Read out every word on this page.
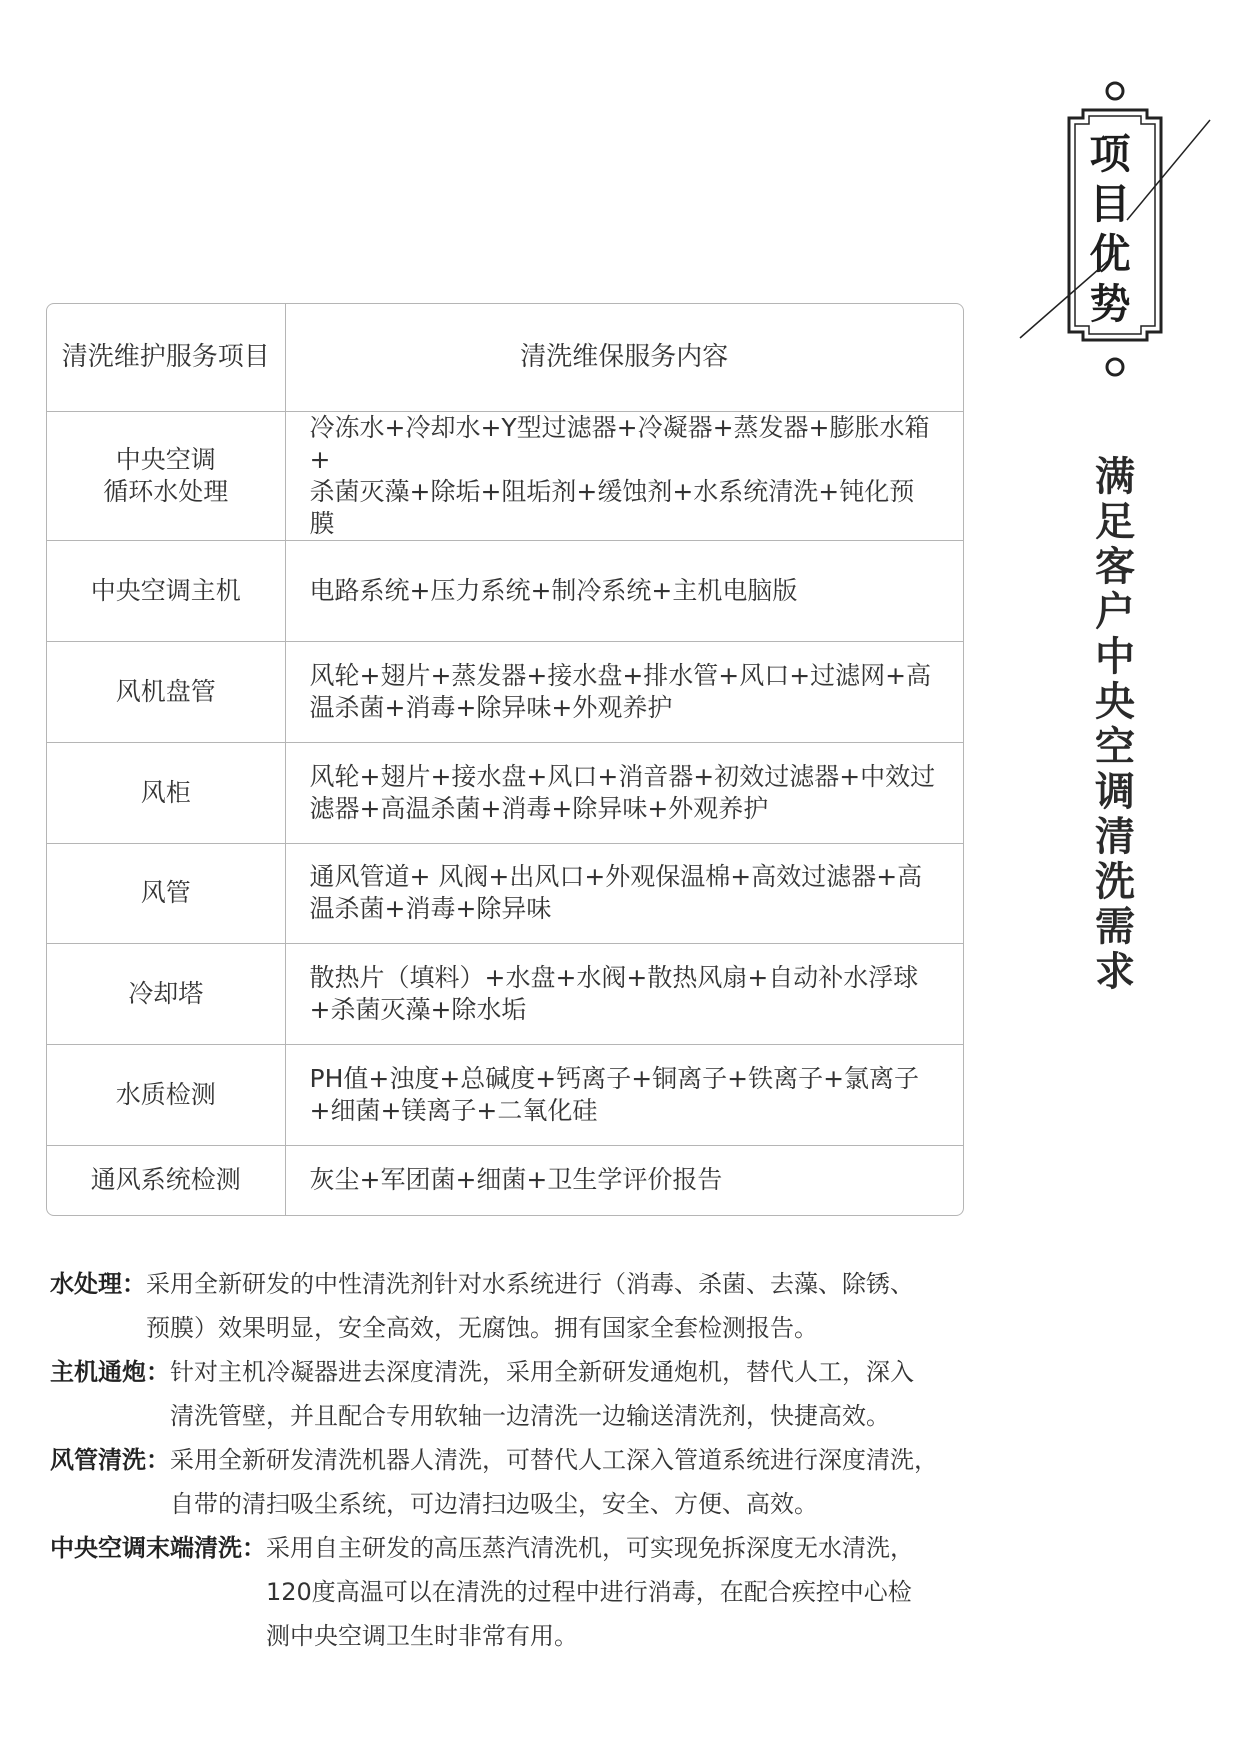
项
目
优
势
满
足
客
户
中
央
空
调
清
洗
需
求
清洗维护服务项目	清洗维保服务内容

中央空调
循环水处理	冷冻水+冷却水+Y型过滤器+冷凝器+蒸发器+膨胀水箱+
杀菌灭藻+除垢+阻垢剂+缓蚀剂+水系统清洗+钝化预膜

中央空调主机	电路系统+压力系统+制冷系统+主机电脑版

风机盘管	风轮+翅片+蒸发器+接水盘+排水管+风口+过滤网+高
温杀菌+消毒+除异味+外观养护

风柜	风轮+翅片+接水盘+风口+消音器+初效过滤器+中效过
滤器+高温杀菌+消毒+除异味+外观养护

风管	通风管道+ 风阀+出风口+外观保温棉+高效过滤器+高
温杀菌+消毒+除异味

冷却塔	散热片（填料）+水盘+水阀+散热风扇+自动补水浮球
+杀菌灭藻+除水垢

水质检测	PH值+浊度+总碱度+钙离子+铜离子+铁离子+氯离子
+细菌+镁离子+二氧化硅

通风系统检测	灰尘+军团菌+细菌+卫生学评价报告
水处理： 采用全新研发的中性清洗剂针对水系统进行（消毒、杀菌、去藻、除锈、
预膜）效果明显，安全高效，无腐蚀。拥有国家全套检测报告。
主机通炮： 针对主机冷凝器进去深度清洗，采用全新研发通炮机，替代人工，深入
清洗管壁，并且配合专用软轴一边清洗一边输送清洗剂，快捷高效。
风管清洗： 采用全新研发清洗机器人清洗，可替代人工深入管道系统进行深度清洗，
自带的清扫吸尘系统，可边清扫边吸尘，安全、方便、高效。
中央空调末端清洗： 采用自主研发的高压蒸汽清洗机，可实现免拆深度无水清洗，
120度高温可以在清洗的过程中进行消毒，在配合疾控中心检
测中央空调卫生时非常有用。
